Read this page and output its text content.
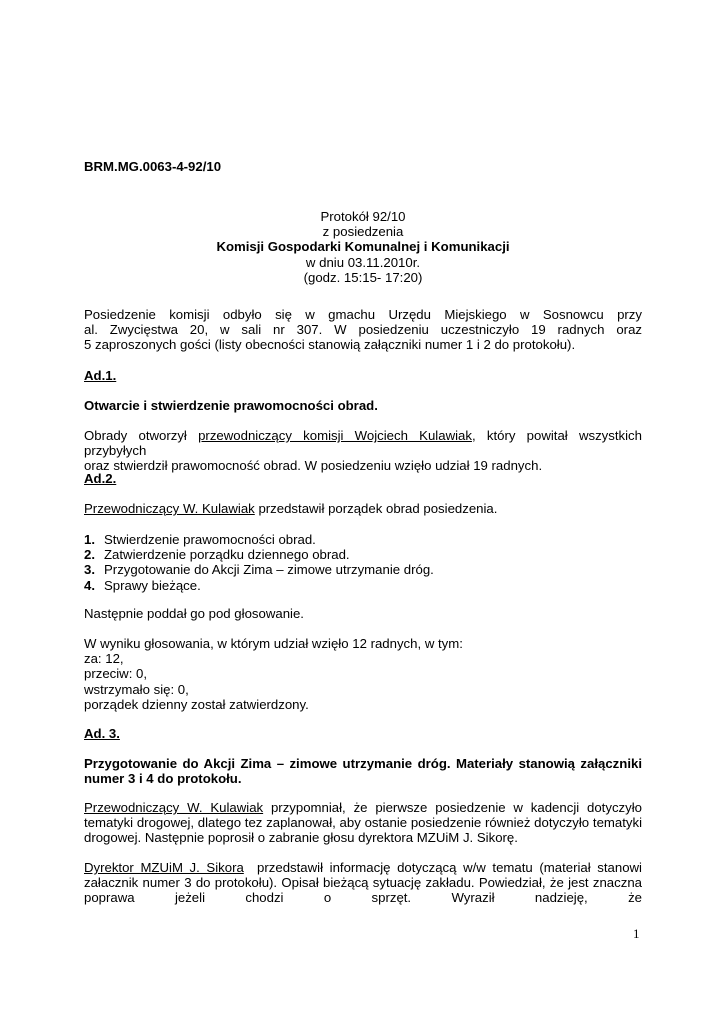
BRM.MG.0063-4-92/10

Protokół 92/10
z posiedzenia
Komisji Gospodarki Komunalnej i Komunikacji
w dniu 03.11.2010r.
(godz. 15:15- 17:20)
Posiedzenie komisji odbyło się w gmachu Urzędu Miejskiego w Sosnowcu przy
al. Zwycięstwa 20, w sali nr 307. W posiedzeniu uczestniczyło 19 radnych oraz
5 zaproszonych gości (listy obecności stanowią załączniki numer 1 i 2 do protokołu).

Ad.1.

Otwarcie i stwierdzenie prawomocności obrad.

Obrady otworzył przewodniczący komisji Wojciech Kulawiak, który powitał wszystkich przybyłych
oraz stwierdził prawomocność obrad. W posiedzeniu wzięło udział 19 radnych.

Ad.2.

Przewodniczący W. Kulawiak przedstawił porządek obrad posiedzenia.

1. Stwierdzenie prawomocności obrad.
2. Zatwierdzenie porządku dziennego obrad.
3. Przygotowanie do Akcji Zima – zimowe utrzymanie dróg.
4. Sprawy bieżące.

Następnie poddał go pod głosowanie.

W wyniku głosowania, w którym udział wzięło 12 radnych, w tym:
za: 12,
przeciw: 0,
wstrzymało się: 0,
porządek dzienny został zatwierdzony.

Ad. 3.

Przygotowanie do Akcji Zima – zimowe utrzymanie dróg. Materiały stanowią załączniki
numer 3 i 4 do protokołu.
Przewodniczący W. Kulawiak przypomniał, że pierwsze posiedzenie w kadencji dotyczyło
tematyki drogowej, dlatego tez zaplanował, aby ostanie posiedzenie również dotyczyło tematyki
drogowej. Następnie poprosił o zabranie głosu dyrektora MZUiM J. Sikorę.
Dyrektor MZUiM J. Sikora  przedstawił informację dotyczącą w/w tematu (materiał stanowi
załacznik numer 3 do protokołu). Opisał bieżącą sytuację zakładu. Powiedział, że jest znaczna
poprawa jeżeli chodzi o sprzęt. Wyraził nadzieję, że
1
